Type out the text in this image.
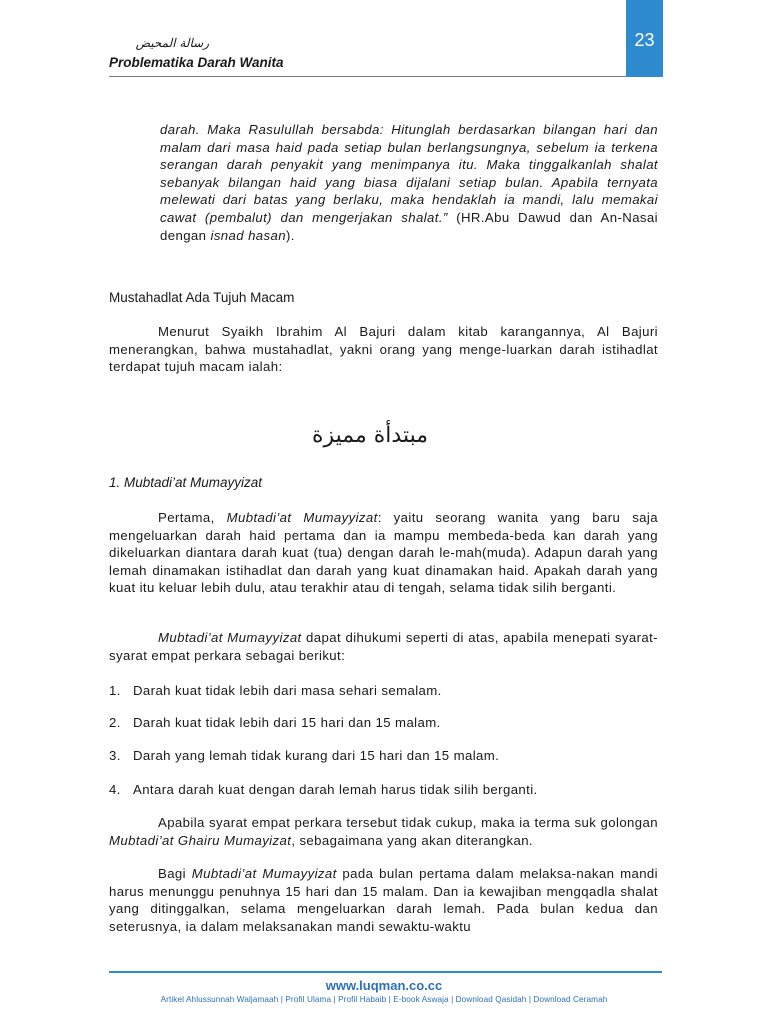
رسالة المحيض
Problematika Darah Wanita
23
darah. Maka Rasulullah bersabda: Hitunglah berdasarkan bilangan hari dan malam dari masa haid pada setiap bulan berlangsungnya, sebelum ia terkena serangan darah penyakit yang menimpanya itu. Maka tinggalkanlah shalat sebanyak bilangan haid yang biasa dijalani setiap bulan. Apabila ternyata melewati dari batas yang berlaku, maka hendaklah ia mandi, lalu memakai cawat (pembalut) dan mengerjakan shalat.” (HR.Abu Dawud dan An-Nasai dengan isnad hasan).
Mustahadlat Ada Tujuh Macam
Menurut Syaikh Ibrahim Al Bajuri dalam kitab karangannya, Al Bajuri menerangkan, bahwa mustahadlat, yakni orang yang menge-luarkan darah istihadlat terdapat tujuh macam ialah:
مبتدأة مميزة
1. Mubtadi’at Mumayyizat
Pertama, Mubtadi’at Mumayyizat: yaitu seorang wanita yang baru saja mengeluarkan darah haid pertama dan ia mampu membeda-beda kan darah yang dikeluarkan diantara darah kuat (tua) dengan darah le-mah(muda). Adapun darah yang lemah dinamakan istihadlat dan darah yang kuat dinamakan haid. Apakah darah yang kuat itu keluar lebih dulu, atau terakhir atau di tengah, selama tidak silih berganti.
Mubtadi’at Mumayyizat dapat dihukumi seperti di atas, apabila menepati syarat-syarat empat perkara sebagai berikut:
1. Darah kuat tidak lebih dari masa sehari semalam.
2. Darah kuat tidak lebih dari 15 hari dan 15 malam.
3. Darah yang lemah tidak kurang dari 15 hari dan 15 malam.
4. Antara darah kuat dengan darah lemah harus tidak silih berganti.
Apabila syarat empat perkara tersebut tidak cukup, maka ia terma suk golongan Mubtadi’at Ghairu Mumayizat, sebagaimana yang akan diterangkan.
Bagi Mubtadi’at Mumayyizat pada bulan pertama dalam melaksa-nakan mandi harus menunggu penuhnya 15 hari dan 15 malam. Dan ia kewajiban mengqadla shalat yang ditinggalkan, selama mengeluarkan darah lemah. Pada bulan kedua dan seterusnya, ia dalam melaksanakan mandi sewaktu-waktu
www.luqman.co.cc
Artikel Ahlussunnah Waljamaah | Profil Ulama | Profil Habaib | E-book Aswaja | Download Qasidah | Download Ceramah
